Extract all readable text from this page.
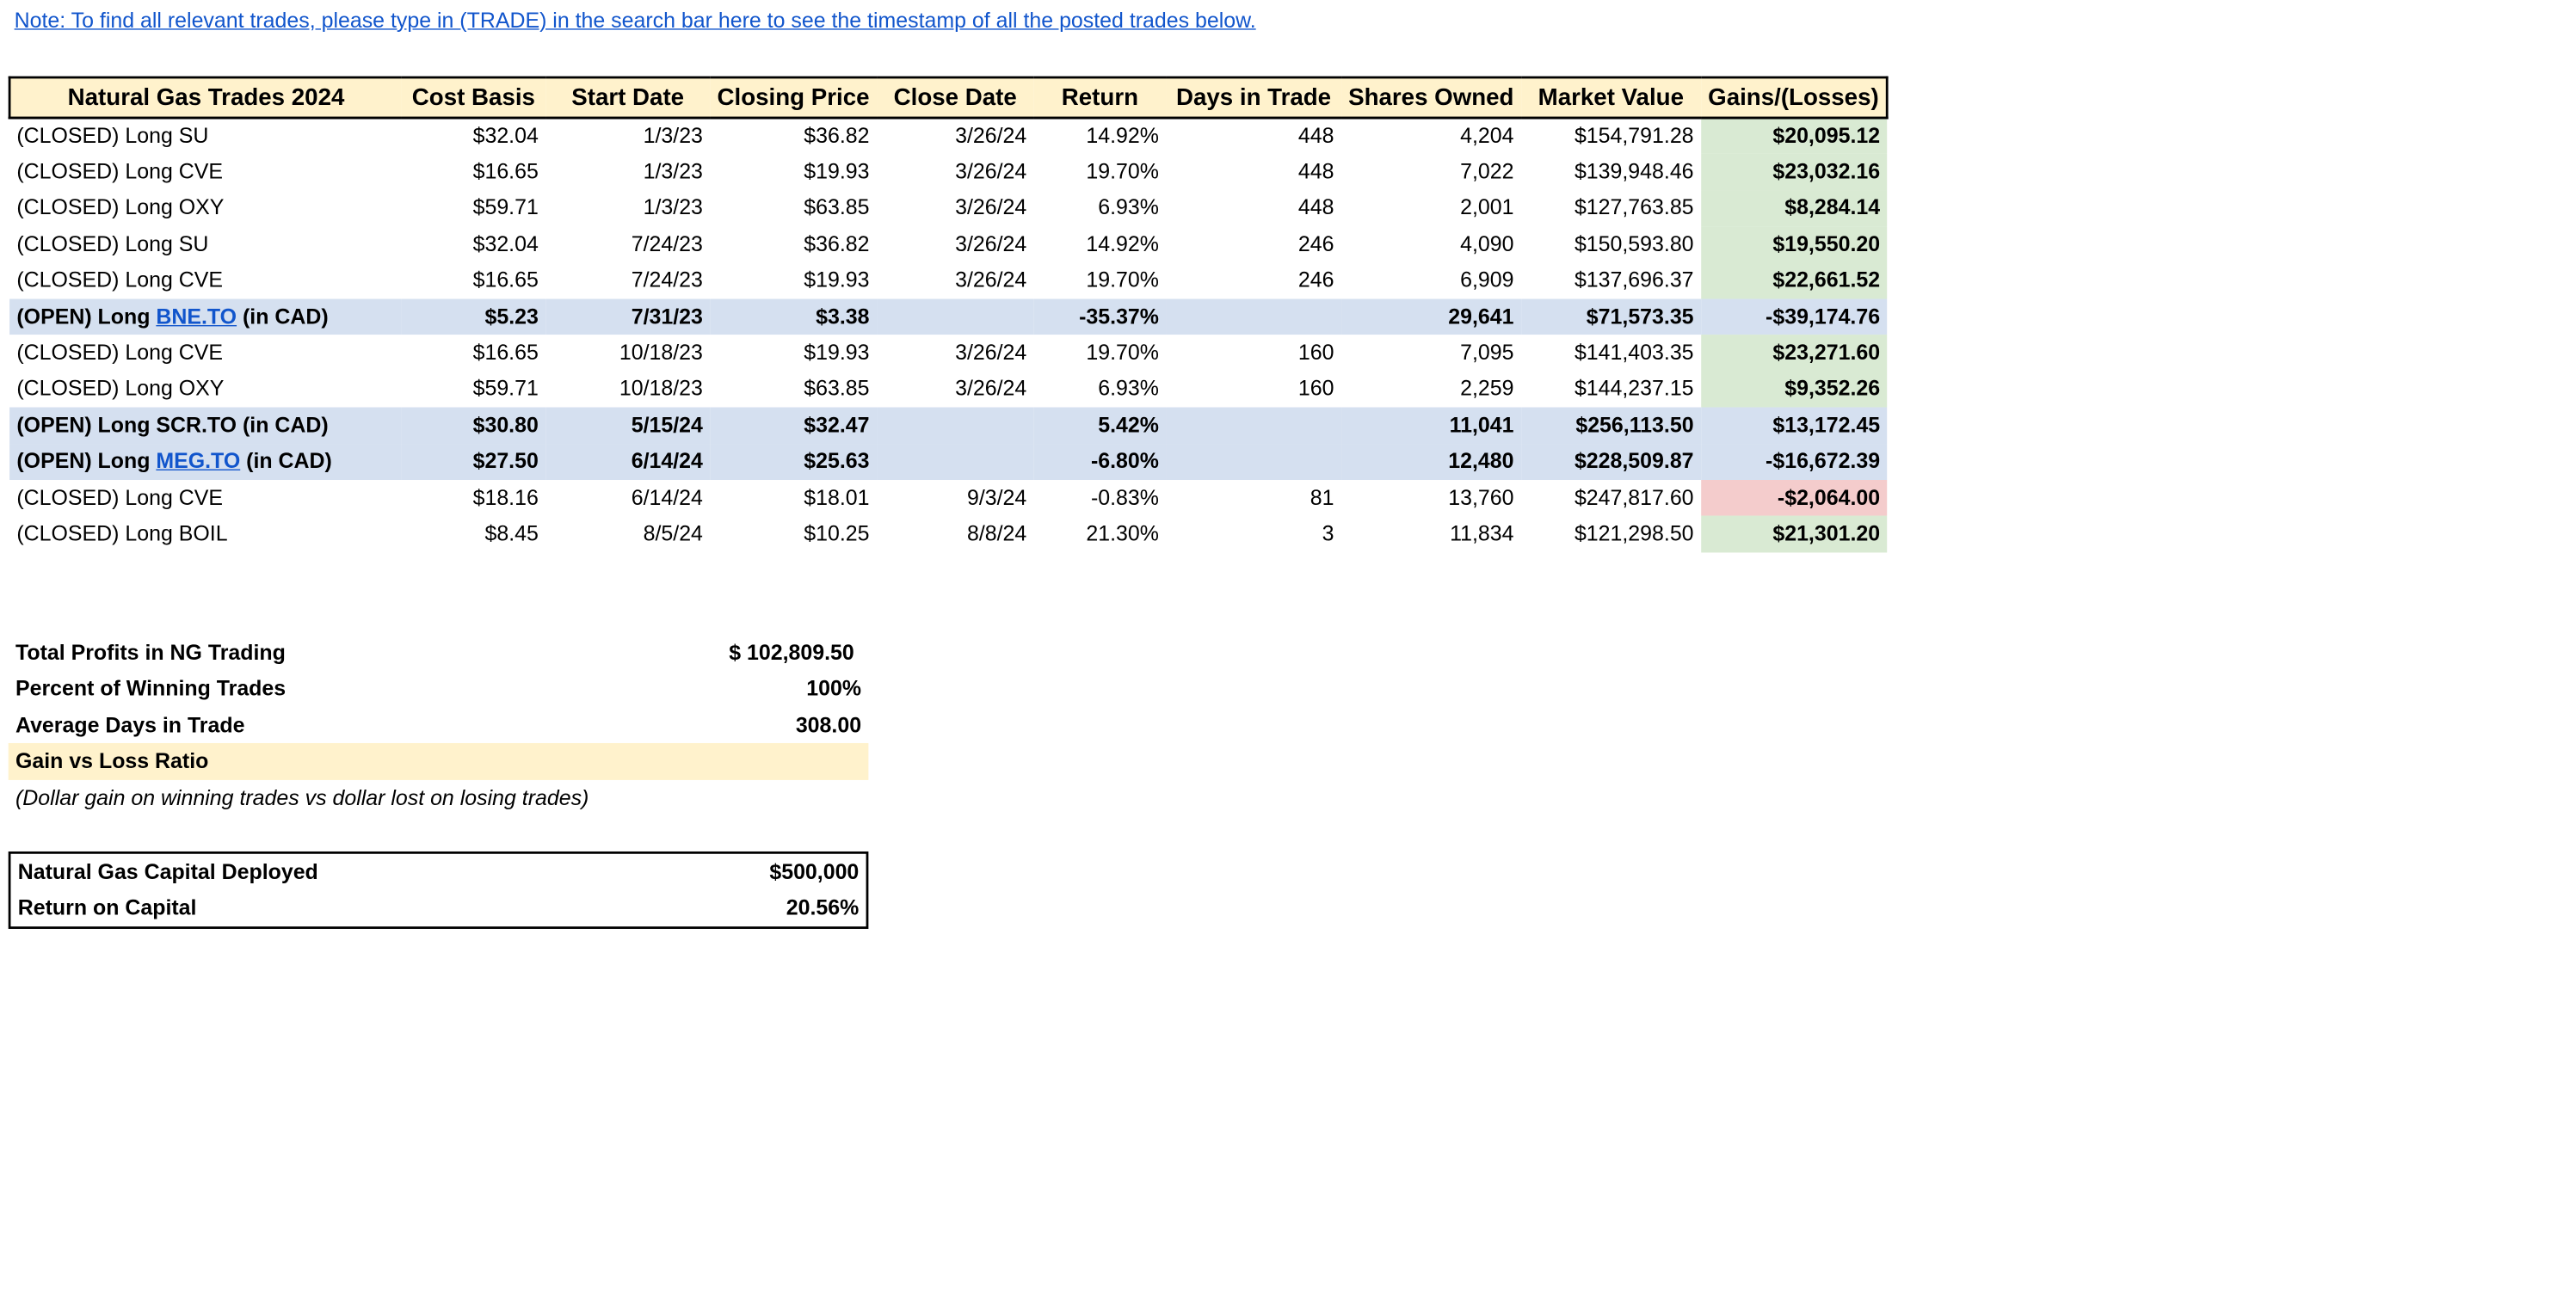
Note: To find all relevant trades, please type in (TRADE) in the search bar here to see the timestamp of all the posted trades below.
Natural Gas Trades 2024	Cost Basis	Start Date	Closing Price	Close Date	Return	Days in Trade	Shares Owned	Market Value	Gains/(Losses)
(CLOSED) Long SU	$32.04	1/3/23	$36.82	3/26/24	14.92%	448	4,204	$154,791.28	$20,095.12
(CLOSED) Long CVE	$16.65	1/3/23	$19.93	3/26/24	19.70%	448	7,022	$139,948.46	$23,032.16
(CLOSED) Long OXY	$59.71	1/3/23	$63.85	3/26/24	6.93%	448	2,001	$127,763.85	$8,284.14
(CLOSED) Long SU	$32.04	7/24/23	$36.82	3/26/24	14.92%	246	4,090	$150,593.80	$19,550.20
(CLOSED) Long CVE	$16.65	7/24/23	$19.93	3/26/24	19.70%	246	6,909	$137,696.37	$22,661.52
(OPEN) Long BNE.TO (in CAD)	$5.23	7/31/23	$3.38		-35.37%		29,641	$71,573.35	-$39,174.76
(CLOSED) Long CVE	$16.65	10/18/23	$19.93	3/26/24	19.70%	160	7,095	$141,403.35	$23,271.60
(CLOSED) Long OXY	$59.71	10/18/23	$63.85	3/26/24	6.93%	160	2,259	$144,237.15	$9,352.26
(OPEN) Long SCR.TO (in CAD)	$30.80	5/15/24	$32.47		5.42%		11,041	$256,113.50	$13,172.45
(OPEN) Long MEG.TO (in CAD)	$27.50	6/14/24	$25.63		-6.80%		12,480	$228,509.87	-$16,672.39
(CLOSED) Long CVE	$18.16	6/14/24	$18.01	9/3/24	-0.83%	81	13,760	$247,817.60	-$2,064.00
(CLOSED) Long BOIL	$8.45	8/5/24	$10.25	8/8/24	21.30%	3	11,834	$121,298.50	$21,301.20
Total Profits in NG Trading	$ 102,809.50
Percent of Winning Trades	100%
Average Days in Trade	308.00
Gain vs Loss Ratio
(Dollar gain on winning trades vs dollar lost on losing trades)
Natural Gas Capital Deployed	$500,000
Return on Capital	20.56%
